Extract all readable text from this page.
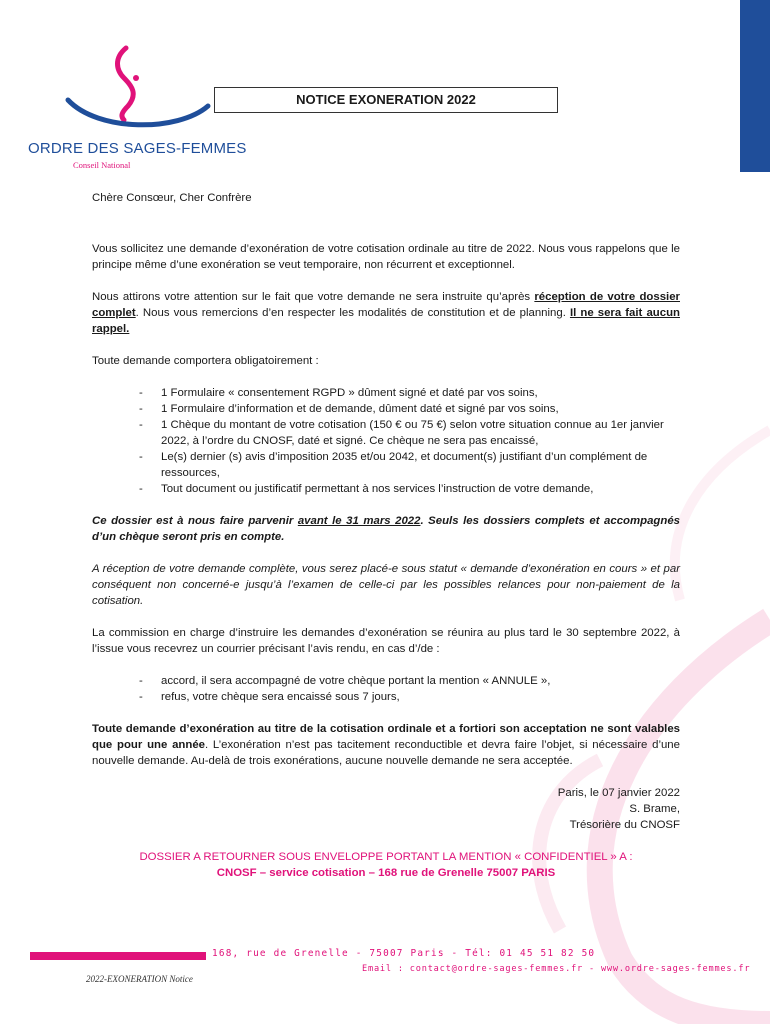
ORDRE DES SAGES-FEMMES
Conseil National
NOTICE EXONERATION 2022

Chère Consœur, Cher Confrère

Vous sollicitez une demande d’exonération de votre cotisation ordinale au titre de 2022. Nous vous rappelons que le principe même d’une exonération se veut temporaire, non récurrent et exceptionnel.

Nous attirons votre attention sur le fait que votre demande ne sera instruite qu’après réception de votre dossier complet. Nous vous remercions d’en respecter les modalités de constitution et de planning. Il ne sera fait aucun rappel.

Toute demande comportera obligatoirement :

- 1 Formulaire « consentement RGPD » dûment signé et daté par vos soins,
- 1 Formulaire d’information et de demande, dûment daté et signé par vos soins,
- 1 Chèque du montant de votre cotisation (150 € ou 75 €) selon votre situation connue au 1er janvier 2022, à l’ordre du CNOSF, daté et signé. Ce chèque ne sera pas encaissé,
- Le(s) dernier (s) avis d’imposition 2035 et/ou 2042, et document(s) justifiant d’un complément de ressources,
- Tout document ou justificatif permettant à nos services l’instruction de votre demande,

Ce dossier est à nous faire parvenir avant le 31 mars 2022. Seuls les dossiers complets et accompagnés d’un chèque seront pris en compte.

A réception de votre demande complète, vous serez placé-e sous statut « demande d’exonération en cours » et par conséquent non concerné-e jusqu’à l’examen de celle-ci par les possibles relances pour non-paiement de la cotisation.

La commission en charge d’instruire les demandes d’exonération se réunira au plus tard le 30 septembre 2022, à l’issue vous recevrez un courrier précisant l’avis rendu, en cas d’/de :

- accord, il sera accompagné de votre chèque portant la mention « ANNULE »,
- refus, votre chèque sera encaissé sous 7 jours,

Toute demande d’exonération au titre de la cotisation ordinale et a fortiori son acceptation ne sont valables que pour une année. L’exonération n’est pas tacitement reconductible et devra faire l’objet, si nécessaire d’une nouvelle demande. Au-delà de trois exonérations, aucune nouvelle demande ne sera acceptée.

Paris, le 07 janvier 2022
S. Brame,
Trésorière du CNOSF
DOSSIER A RETOURNER SOUS ENVELOPPE PORTANT LA MENTION « CONFIDENTIEL » A :
CNOSF – service cotisation – 168 rue de Grenelle 75007 PARIS
168, rue de Grenelle - 75007 Paris - Tél: 01 45 51 82 50
Email : contact@ordre-sages-femmes.fr - www.ordre-sages-femmes.fr
2022-EXONERATION Notice
